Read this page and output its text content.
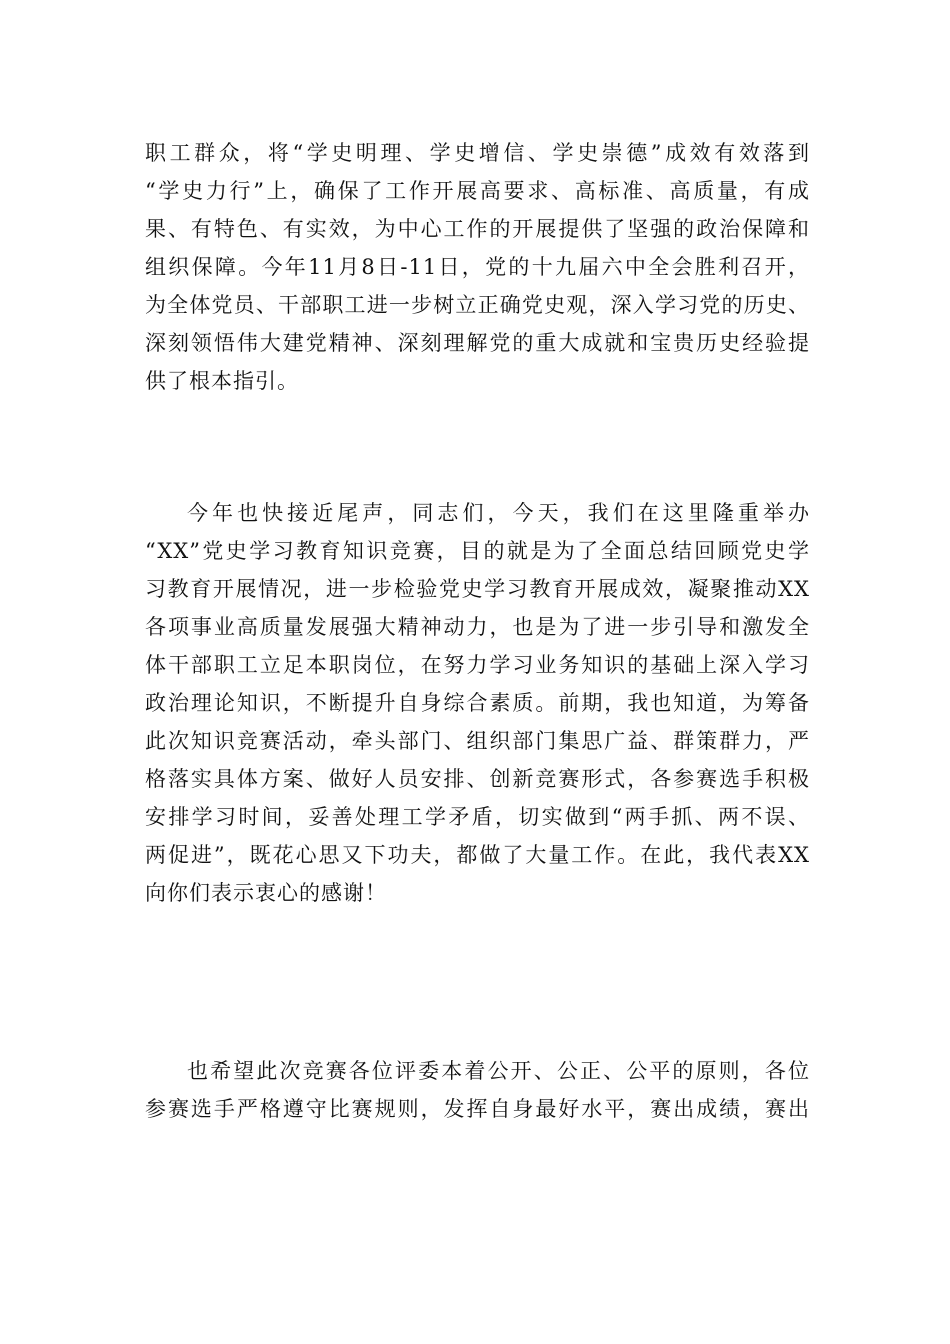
职工群众，将“学史明理、学史增信、学史崇德”成效有效落到

“学史力行”上，确保了工作开展高要求、高标准、高质量，有成

果、有特色、有实效，为中心工作的开展提供了坚强的政治保障和

组织保障。今年11月8日-11日，党的十九届六中全会胜利召开，

为全体党员、干部职工进一步树立正确党史观，深入学习党的历史、

深刻领悟伟大建党精神、深刻理解党的重大成就和宝贵历史经验提

供了根本指引。

今年也快接近尾声，同志们，今天，我们在这里隆重举办

“XX”党史学习教育知识竞赛，目的就是为了全面总结回顾党史学

习教育开展情况，进一步检验党史学习教育开展成效，凝聚推动XX

各项事业高质量发展强大精神动力，也是为了进一步引导和激发全

体干部职工立足本职岗位，在努力学习业务知识的基础上深入学习

政治理论知识，不断提升自身综合素质。前期，我也知道，为筹备

此次知识竞赛活动，牵头部门、组织部门集思广益、群策群力，严

格落实具体方案、做好人员安排、创新竞赛形式，各参赛选手积极

安排学习时间，妥善处理工学矛盾，切实做到“两手抓、两不误、

两促进”，既花心思又下功夫，都做了大量工作。在此，我代表XX

向你们表示衷心的感谢！

也希望此次竞赛各位评委本着公开、公正、公平的原则，各位

参赛选手严格遵守比赛规则，发挥自身最好水平，赛出成绩，赛出
